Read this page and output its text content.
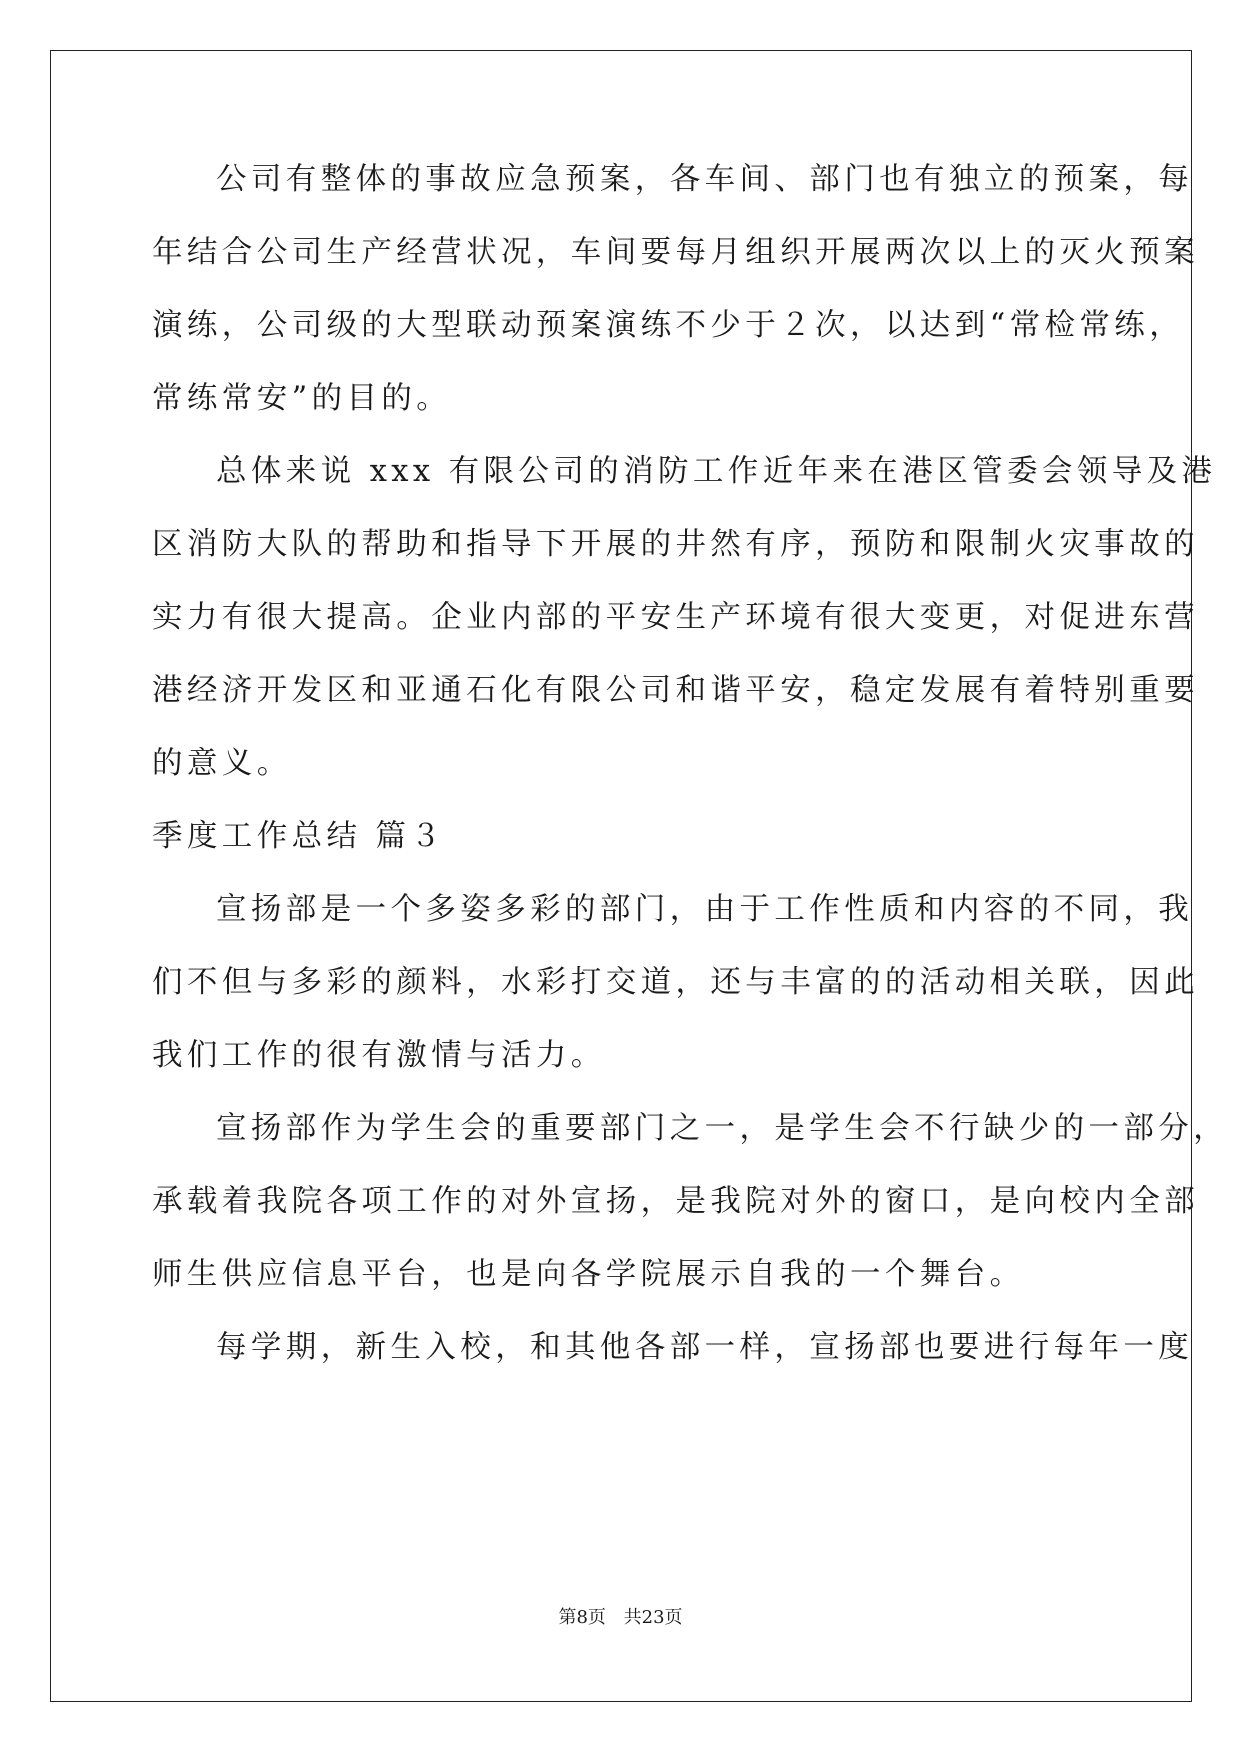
公司有整体的事故应急预案，各车间、部门也有独立的预案，每
年结合公司生产经营状况，车间要每月组织开展两次以上的灭火预案
演练，公司级的大型联动预案演练不少于２次，以达到“常检常练，
常练常安”的目的。
总体来说 xxx 有限公司的消防工作近年来在港区管委会领导及港
区消防大队的帮助和指导下开展的井然有序，预防和限制火灾事故的
实力有很大提高。企业内部的平安生产环境有很大变更，对促进东营
港经济开发区和亚通石化有限公司和谐平安，稳定发展有着特别重要
的意义。
季度工作总结 篇３
宣扬部是一个多姿多彩的部门，由于工作性质和内容的不同，我
们不但与多彩的颜料，水彩打交道，还与丰富的的活动相关联，因此
我们工作的很有激情与活力。
宣扬部作为学生会的重要部门之一，是学生会不行缺少的一部分，
承载着我院各项工作的对外宣扬，是我院对外的窗口，是向校内全部
师生供应信息平台，也是向各学院展示自我的一个舞台。
每学期，新生入校，和其他各部一样，宣扬部也要进行每年一度
第8页 共23页
